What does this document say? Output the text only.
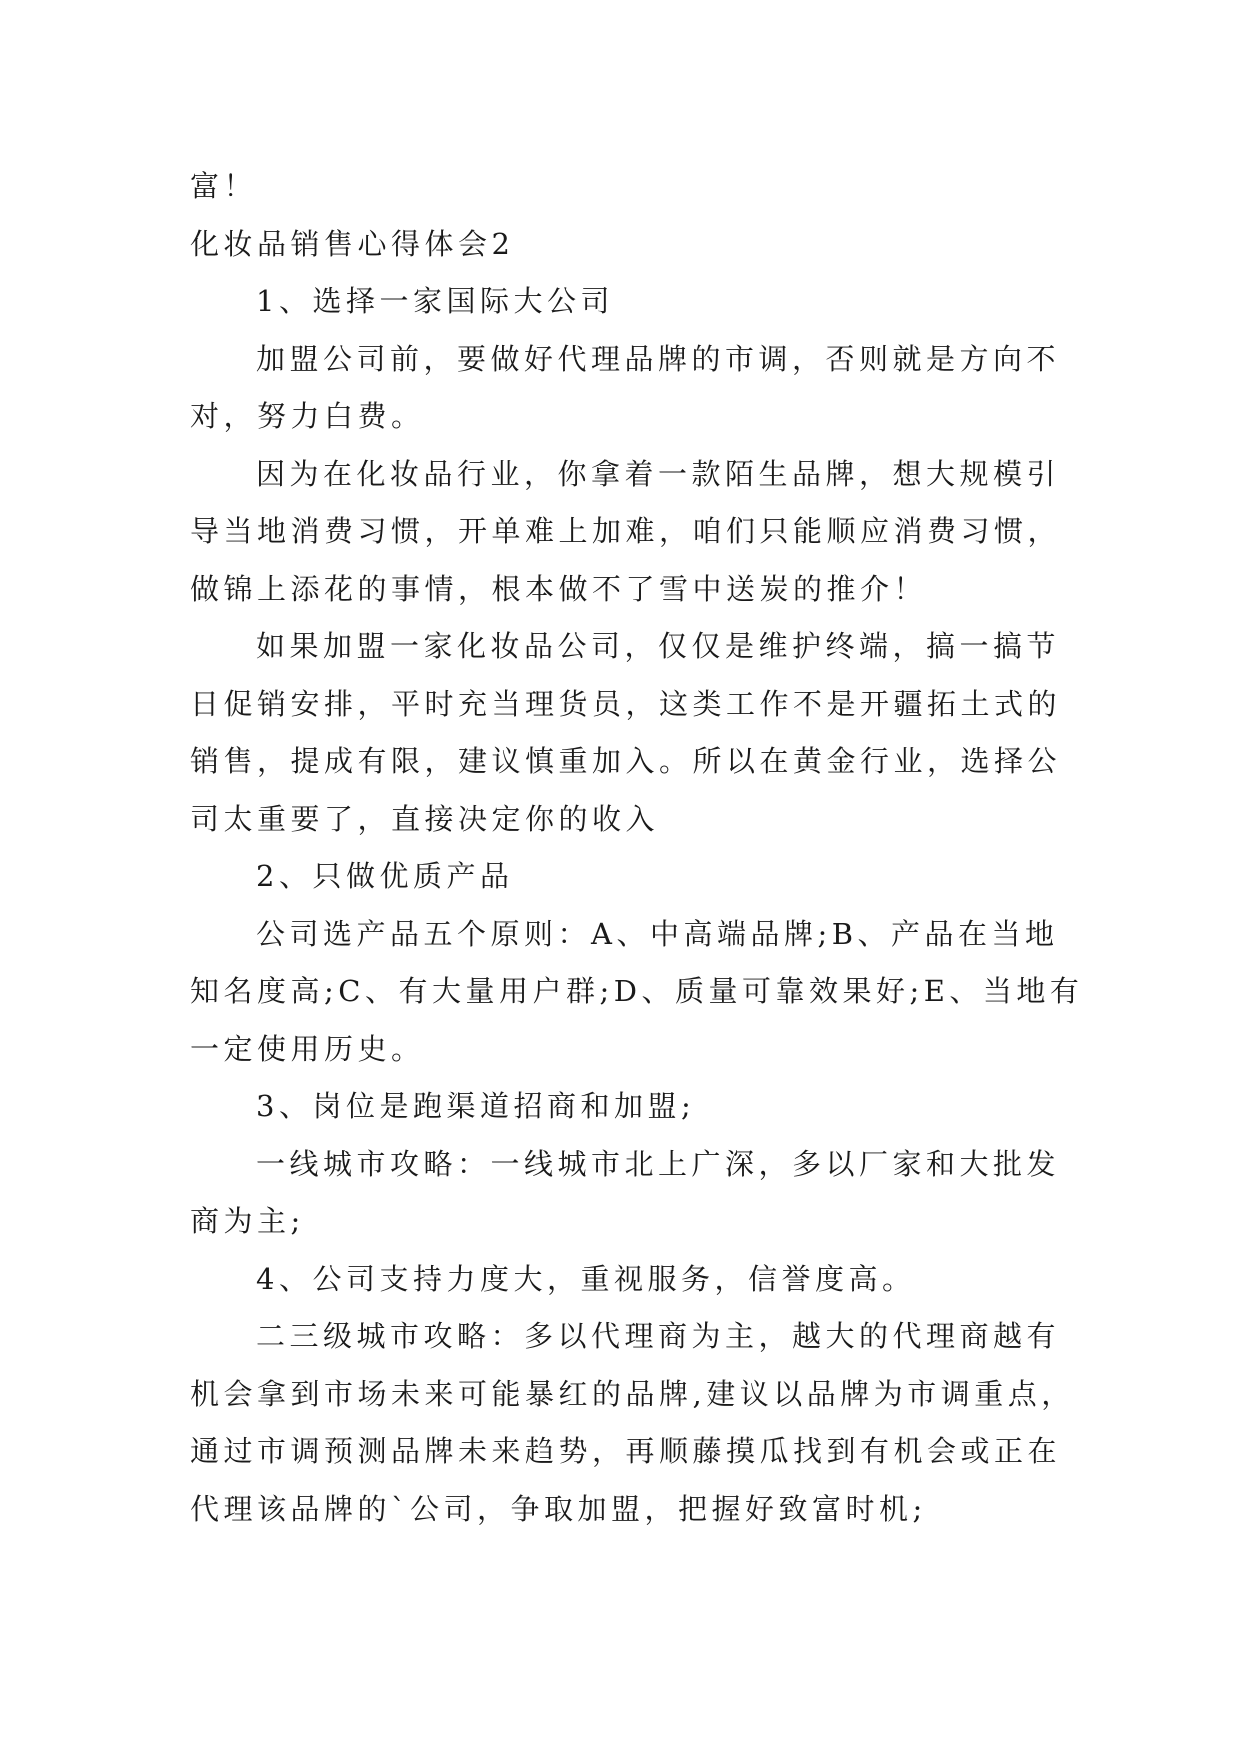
富！
化妆品销售心得体会2
1、选择一家国际大公司
加盟公司前，要做好代理品牌的市调，否则就是方向不
对，努力白费。
因为在化妆品行业，你拿着一款陌生品牌，想大规模引
导当地消费习惯，开单难上加难，咱们只能顺应消费习惯，
做锦上添花的事情，根本做不了雪中送炭的推介！
如果加盟一家化妆品公司，仅仅是维护终端，搞一搞节
日促销安排，平时充当理货员，这类工作不是开疆拓土式的
销售，提成有限，建议慎重加入。所以在黄金行业，选择公
司太重要了，直接决定你的收入
2、只做优质产品
公司选产品五个原则：A、中高端品牌;B、产品在当地
知名度高;C、有大量用户群;D、质量可靠效果好;E、当地有
一定使用历史。
3、岗位是跑渠道招商和加盟;
一线城市攻略：一线城市北上广深，多以厂家和大批发
商为主;
4、公司支持力度大，重视服务，信誉度高。
二三级城市攻略：多以代理商为主，越大的代理商越有
机会拿到市场未来可能暴红的品牌,建议以品牌为市调重点，
通过市调预测品牌未来趋势，再顺藤摸瓜找到有机会或正在
代理该品牌的`公司，争取加盟，把握好致富时机;
